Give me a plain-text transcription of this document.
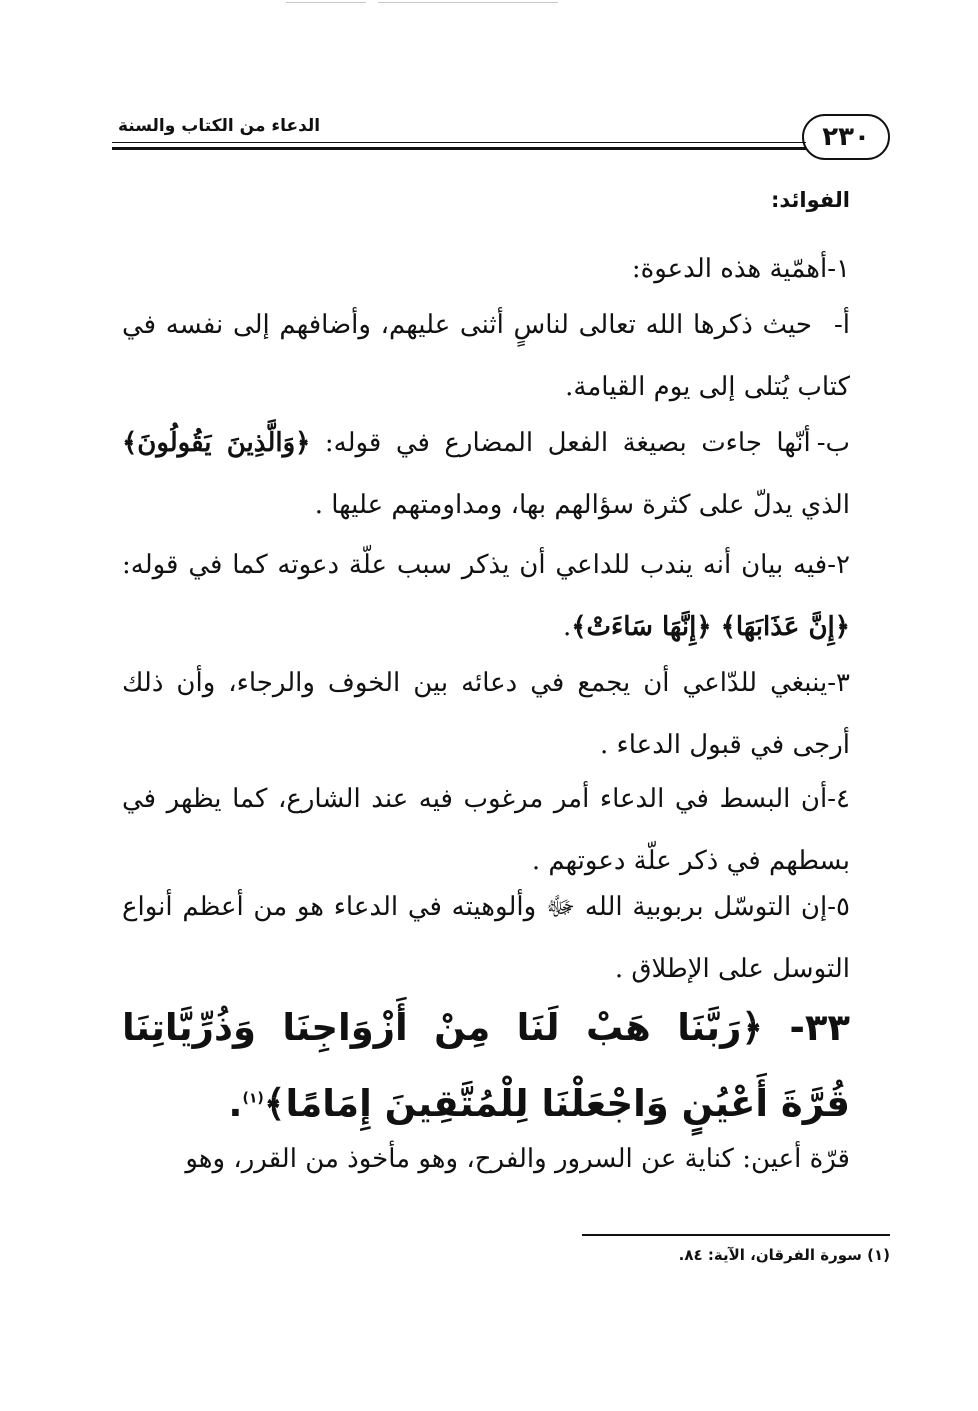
الدعاء من الكتاب والسنة	٢٣٠
الفوائد:
١-أهمّية هذه الدعوة:
أ-حيث ذكرها الله تعالى لناسٍ أثنى عليهم، وأضافهم إلى نفسه في كتاب يُتلى إلى يوم القيامة.
ب-أنّها جاءت بصيغة الفعل المضارع في قوله: ﴿وَالَّذِينَ يَقُولُونَ﴾ الذي يدلّ على كثرة سؤالهم بها، ومداومتهم عليها .
٢-فيه بيان أنه يندب للداعي أن يذكر سبب علّة دعوته كما في قوله: ﴿إِنَّ عَذَابَهَا﴾ ﴿إِنَّهَا سَاءَتْ﴾.
٣-ينبغي للدّاعي أن يجمع في دعائه بين الخوف والرجاء، وأن ذلك أرجى في قبول الدعاء .
٤-أن البسط في الدعاء أمر مرغوب فيه عند الشارع، كما يظهر في بسطهم في ذكر علّة دعوتهم .
٥-إن التوسّل بربوبية الله ﷻ وألوهيته في الدعاء هو من أعظم أنواع التوسل على الإطلاق .
٣٣- ﴿رَبَّنَا هَبْ لَنَا مِنْ أَزْوَاجِنَا وَذُرِّيَّاتِنَا قُرَّةَ أَعْيُنٍ وَاجْعَلْنَا لِلْمُتَّقِينَ إِمَامًا﴾$^{(١)}$.
قرّة أعين: كناية عن السرور والفرح، وهو مأخوذ من القرر، وهو
(١) سورة الفرقان، الآية: ٨٤.
